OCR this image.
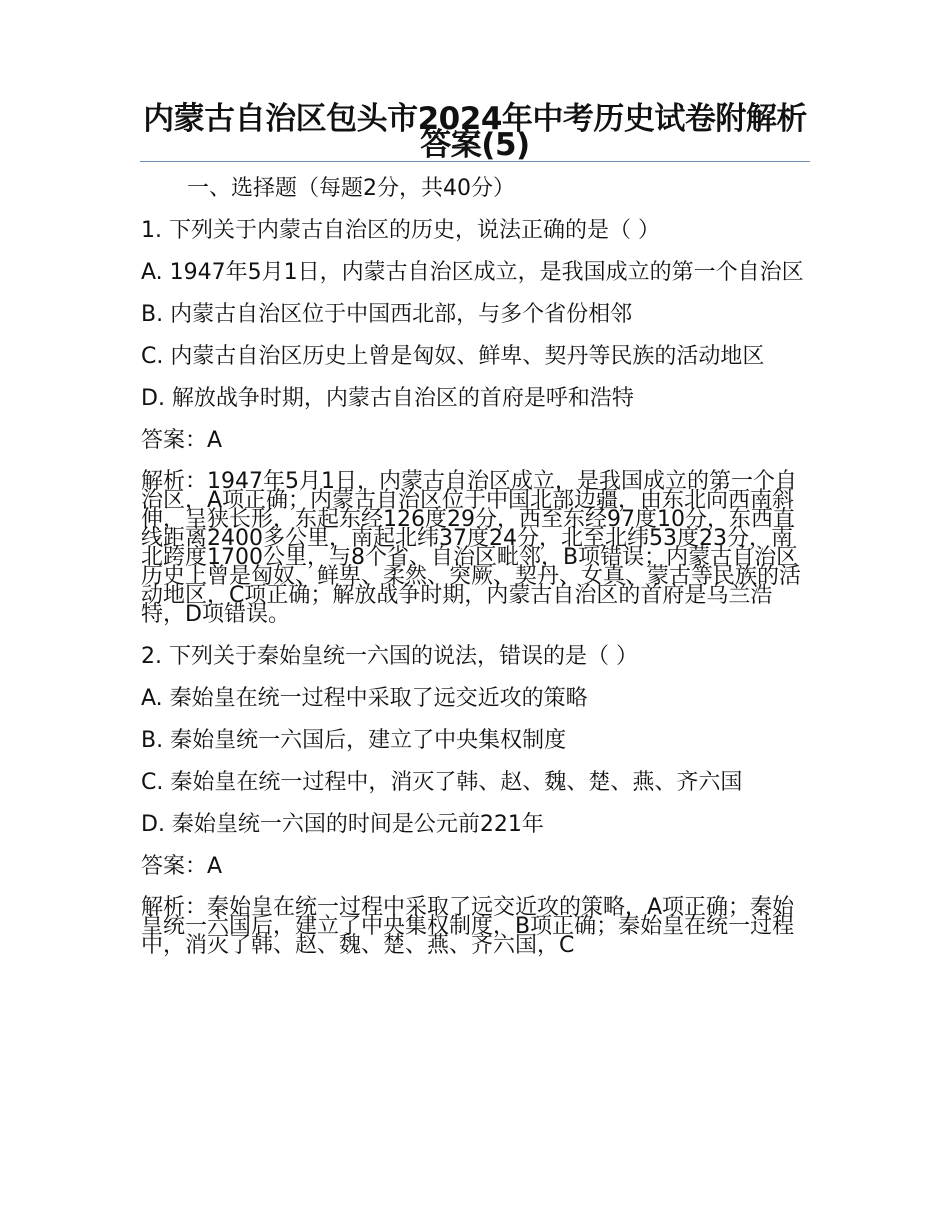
内蒙古自治区包头市2024年中考历史试卷附解析答案(5)

一、选择题（每题2分，共40分）

1. 下列关于内蒙古自治区的历史，说法正确的是（ ）

A. 1947年5月1日，内蒙古自治区成立，是我国成立的第一个自治区

B. 内蒙古自治区位于中国西北部，与多个省份相邻

C. 内蒙古自治区历史上曾是匈奴、鲜卑、契丹等民族的活动地区

D. 解放战争时期，内蒙古自治区的首府是呼和浩特

答案：A

解析：1947年5月1日，内蒙古自治区成立，是我国成立的第一个自治区，A项正确；内蒙古自治区位于中国北部边疆，由东北向西南斜伸，呈狭长形，东起东经126度29分，西至东经97度10分，东西直线距离2400多公里，南起北纬37度24分，北至北纬53度23分，南北跨度1700公里，与8个省、自治区毗邻，B项错误；内蒙古自治区历史上曾是匈奴、鲜卑、柔然、突厥、契丹、女真、蒙古等民族的活动地区，C项正确；解放战争时期，内蒙古自治区的首府是乌兰浩特，D项错误。

2. 下列关于秦始皇统一六国的说法，错误的是（ ）

A. 秦始皇在统一过程中采取了远交近攻的策略

B. 秦始皇统一六国后，建立了中央集权制度

C. 秦始皇在统一过程中，消灭了韩、赵、魏、楚、燕、齐六国

D. 秦始皇统一六国的时间是公元前221年

答案：A

解析：秦始皇在统一过程中采取了远交近攻的策略，A项正确；秦始皇统一六国后，建立了中央集权制度，B项正确；秦始皇在统一过程中，消灭了韩、赵、魏、楚、燕、齐六国，C
